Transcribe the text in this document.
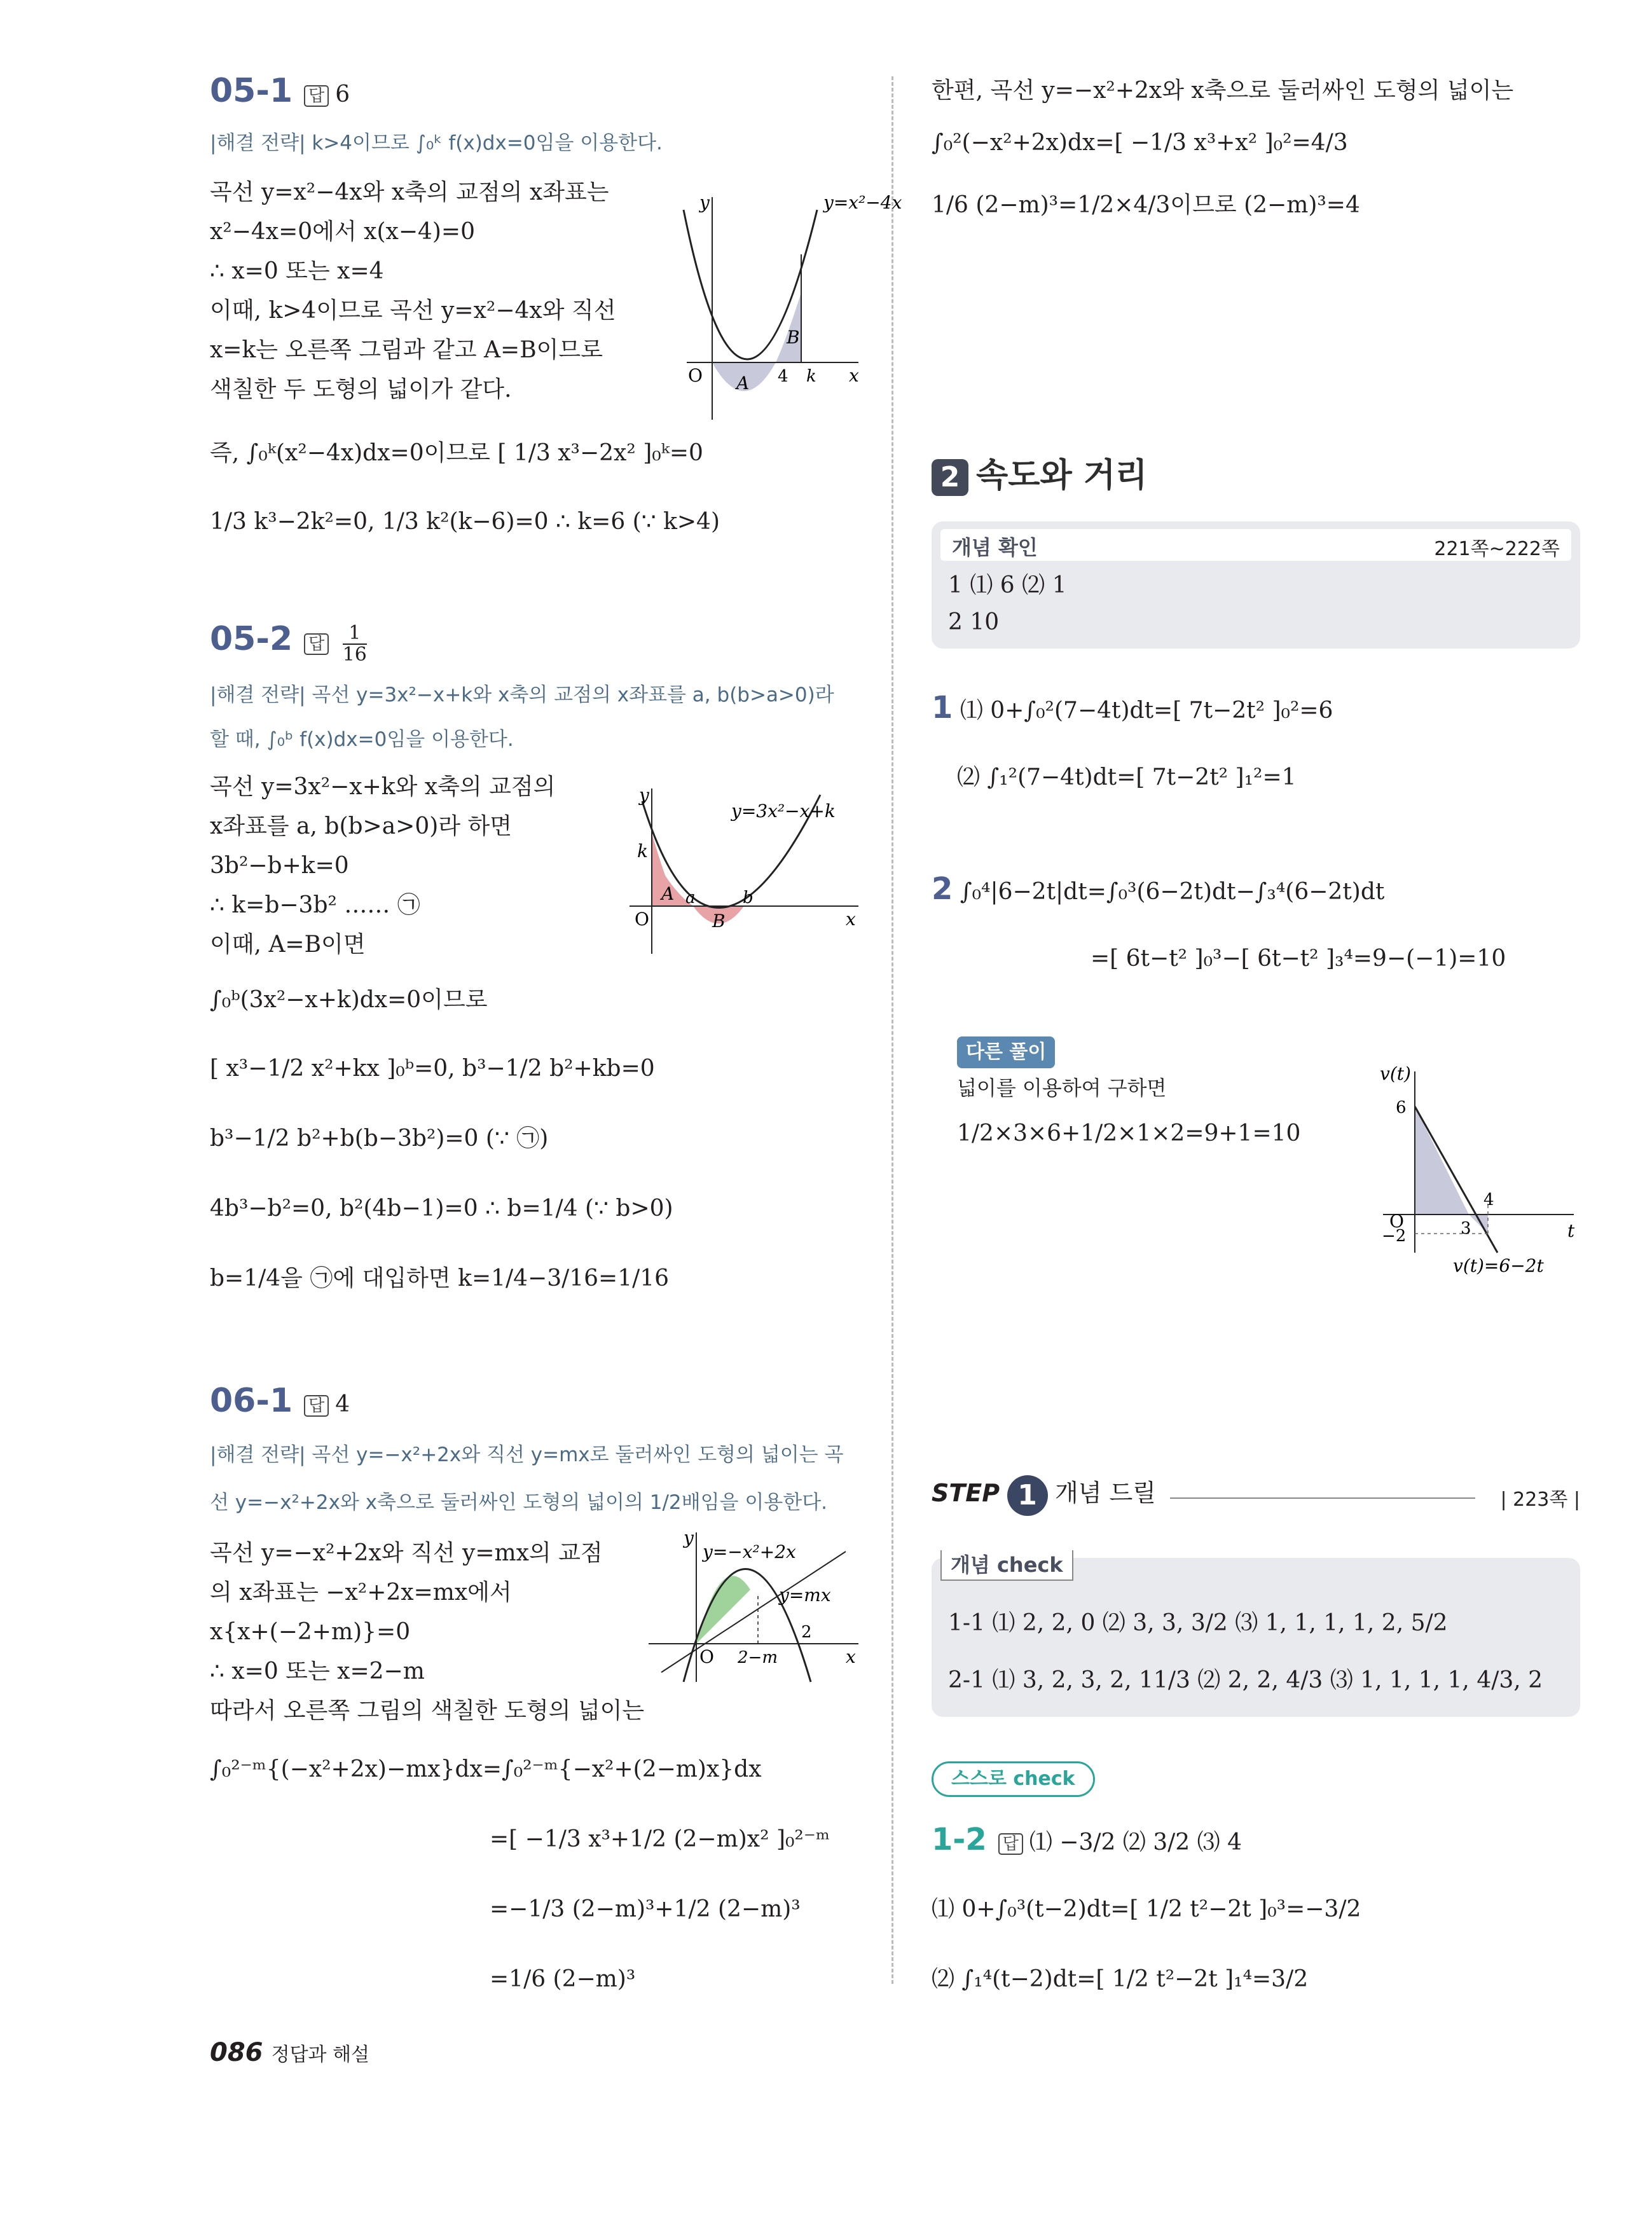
05-1 답 6
|해결 전략| k>4이므로 ∫₀ᵏ f(x)dx=0임을 이용한다.
곡선 y=x²−4x와 x축의 교점의 x좌표는
x²−4x=0에서 x(x−4)=0
∴ x=0 또는 x=4
이때, k>4이므로 곡선 y=x²−4x와 직선
x=k는 오른쪽 그림과 같고 A=B이므로
색칠한 두 도형의 넓이가 같다.
즉, ∫₀ᵏ(x²−4x)dx=0이므로 [ 1/3 x³−2x² ]₀ᵏ=0
1/3 k³−2k²=0, 1/3 k²(k−6)=0 ∴ k=6 (∵ k>4)
y=x²−4x
y
x
O A
B
4 k
05-2 답 $\frac{1}{16}$
|해결 전략| 곡선 y=3x²−x+k와 x축의 교점의 x좌표를 a, b(b>a>0)라
할 때, ∫₀ᵇ f(x)dx=0임을 이용한다.
곡선 y=3x²−x+k와 x축의 교점의
x좌표를 a, b(b>a>0)라 하면
3b²−b+k=0
∴ k=b−3b² …… ㉠
이때, A=B이면
∫₀ᵇ(3x²−x+k)dx=0이므로
[ x³−1/2 x²+kx ]₀ᵇ=0, b³−1/2 b²+kb=0
b³−1/2 b²+b(b−3b²)=0 (∵ ㉠)
4b³−b²=0, b²(4b−1)=0 ∴ b=1/4 (∵ b>0)
b=1/4을 ㉠에 대입하면 k=1/4−3/16=1/16
y=3x²−x+k
y
x
O
k
A
B
a	b
06-1 답 4
|해결 전략| 곡선 y=−x²+2x와 직선 y=mx로 둘러싸인 도형의 넓이는 곡
선 y=−x²+2x와 x축으로 둘러싸인 도형의 넓이의 1/2배임을 이용한다.
곡선 y=−x²+2x와 직선 y=mx의 교점
의 x좌표는 −x²+2x=mx에서
x{x+(−2+m)}=0
∴ x=0 또는 x=2−m
따라서 오른쪽 그림의 색칠한 도형의 넓이는
∫₀²⁻ᵐ{(−x²+2x)−mx}dx=∫₀²⁻ᵐ{−x²+(2−m)x}dx
=[ −1/3 x³+1/2 (2−m)x² ]₀²⁻ᵐ
=−1/3 (2−m)³+1/2 (2−m)³
=1/6 (2−m)³
y=−x²+2x
y=mx
y
x
O 2−m
2
한편, 곡선 y=−x²+2x와 x축으로 둘러싸인 도형의 넓이는
∫₀²(−x²+2x)dx=[ −1/3 x³+x² ]₀²=4/3
1/6 (2−m)³=1/2×4/3이므로 (2−m)³=4
2 속도와 거리
개념 확인	221쪽~222쪽
1 ⑴ 6 ⑵ 1
2 10
1 ⑴ 0+∫₀²(7−4t)dt=[ 7t−2t² ]₀²=6
⑵ ∫₁²(7−4t)dt=[ 7t−2t² ]₁²=1
2 ∫₀⁴|6−2t|dt=∫₀³(6−2t)dt−∫₃⁴(6−2t)dt
=[ 6t−t² ]₀³−[ 6t−t² ]₃⁴=9−(−1)=10
다른 풀이
넓이를 이용하여 구하면
1/2×3×6+1/2×1×2=9+1=10
v(t)
t
O
6
3
4
−2
v(t)=6−2t
STEP 1 개념 드릴	| 223쪽 |
개념 check
1-1 ⑴ 2, 2, 0 ⑵ 3, 3, 3/2 ⑶ 1, 1, 1, 1, 2, 5/2
2-1 ⑴ 3, 2, 3, 2, 11/3 ⑵ 2, 2, 4/3 ⑶ 1, 1, 1, 1, 4/3, 2
스스로 check
1-2 답 ⑴ −3/2 ⑵ 3/2 ⑶ 4
⑴ 0+∫₀³(t−2)dt=[ 1/2 t²−2t ]₀³=−3/2
⑵ ∫₁⁴(t−2)dt=[ 1/2 t²−2t ]₁⁴=3/2
086 정답과 해설
